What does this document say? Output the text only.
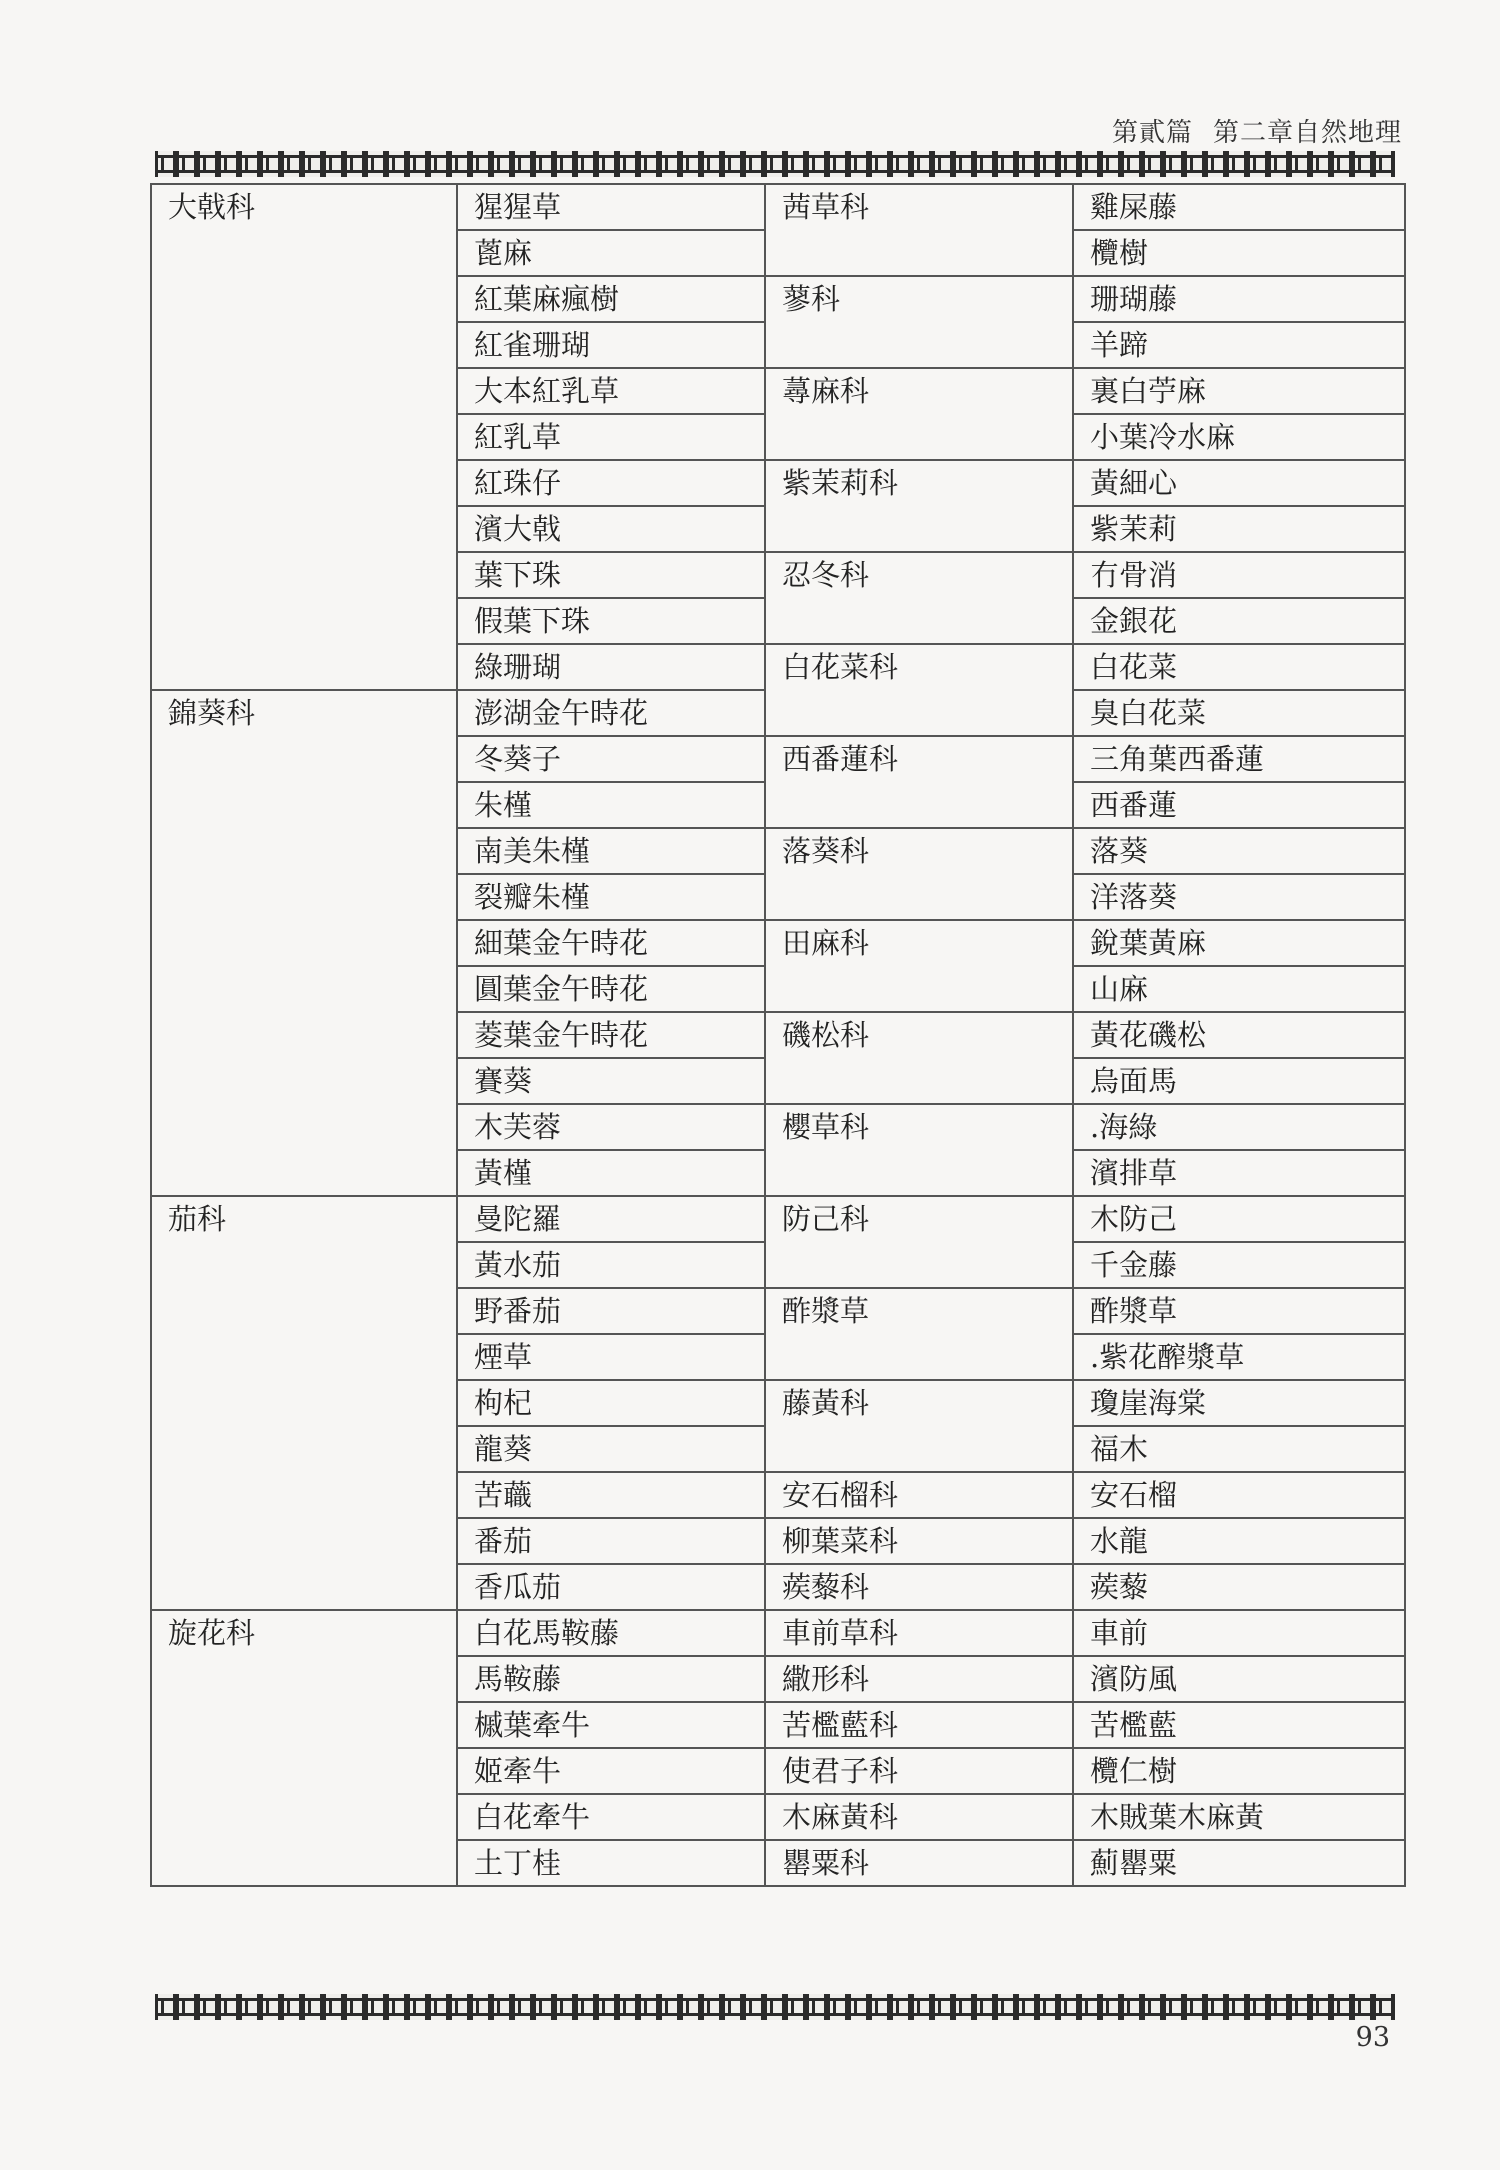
第貳篇 第二章自然地理
大戟科	猩猩草	茜草科	雞屎藤
	蓖麻		欖樹
	紅葉麻瘋樹	蓼科	珊瑚藤
	紅雀珊瑚		羊蹄
	大本紅乳草	蕁麻科	裏白苧麻
	紅乳草		小葉冷水麻
	紅珠仔	紫茉莉科	黃細心
	濱大戟		紫茉莉
	葉下珠	忍冬科	冇骨消
	假葉下珠		金銀花
	綠珊瑚	白花菜科	白花菜
錦葵科	澎湖金午時花		臭白花菜
	冬葵子	西番蓮科	三角葉西番蓮
	朱槿		西番蓮
	南美朱槿	落葵科	落葵
	裂瓣朱槿		洋落葵
	細葉金午時花	田麻科	銳葉黃麻
	圓葉金午時花		山麻
	菱葉金午時花	磯松科	黃花磯松
	賽葵		烏面馬
	木芙蓉	櫻草科	.海綠
	黃槿		濱排草
茄科	曼陀羅	防己科	木防己
	黃水茄		千金藤
	野番茄	酢漿草	酢漿草
	煙草		.紫花醡漿草
	枸杞	藤黃科	瓊崖海棠
	龍葵		福木
	苦蘵	安石榴科	安石榴
	番茄	柳葉菜科	水龍
	香瓜茄	蒺藜科	蒺藜
旋花科	白花馬鞍藤	車前草科	車前
	馬鞍藤	繖形科	濱防風
	槭葉牽牛	苦檻藍科	苦檻藍
	姬牽牛	使君子科	欖仁樹
	白花牽牛	木麻黃科	木賊葉木麻黃
	土丁桂	罌粟科	薊罌粟
93
